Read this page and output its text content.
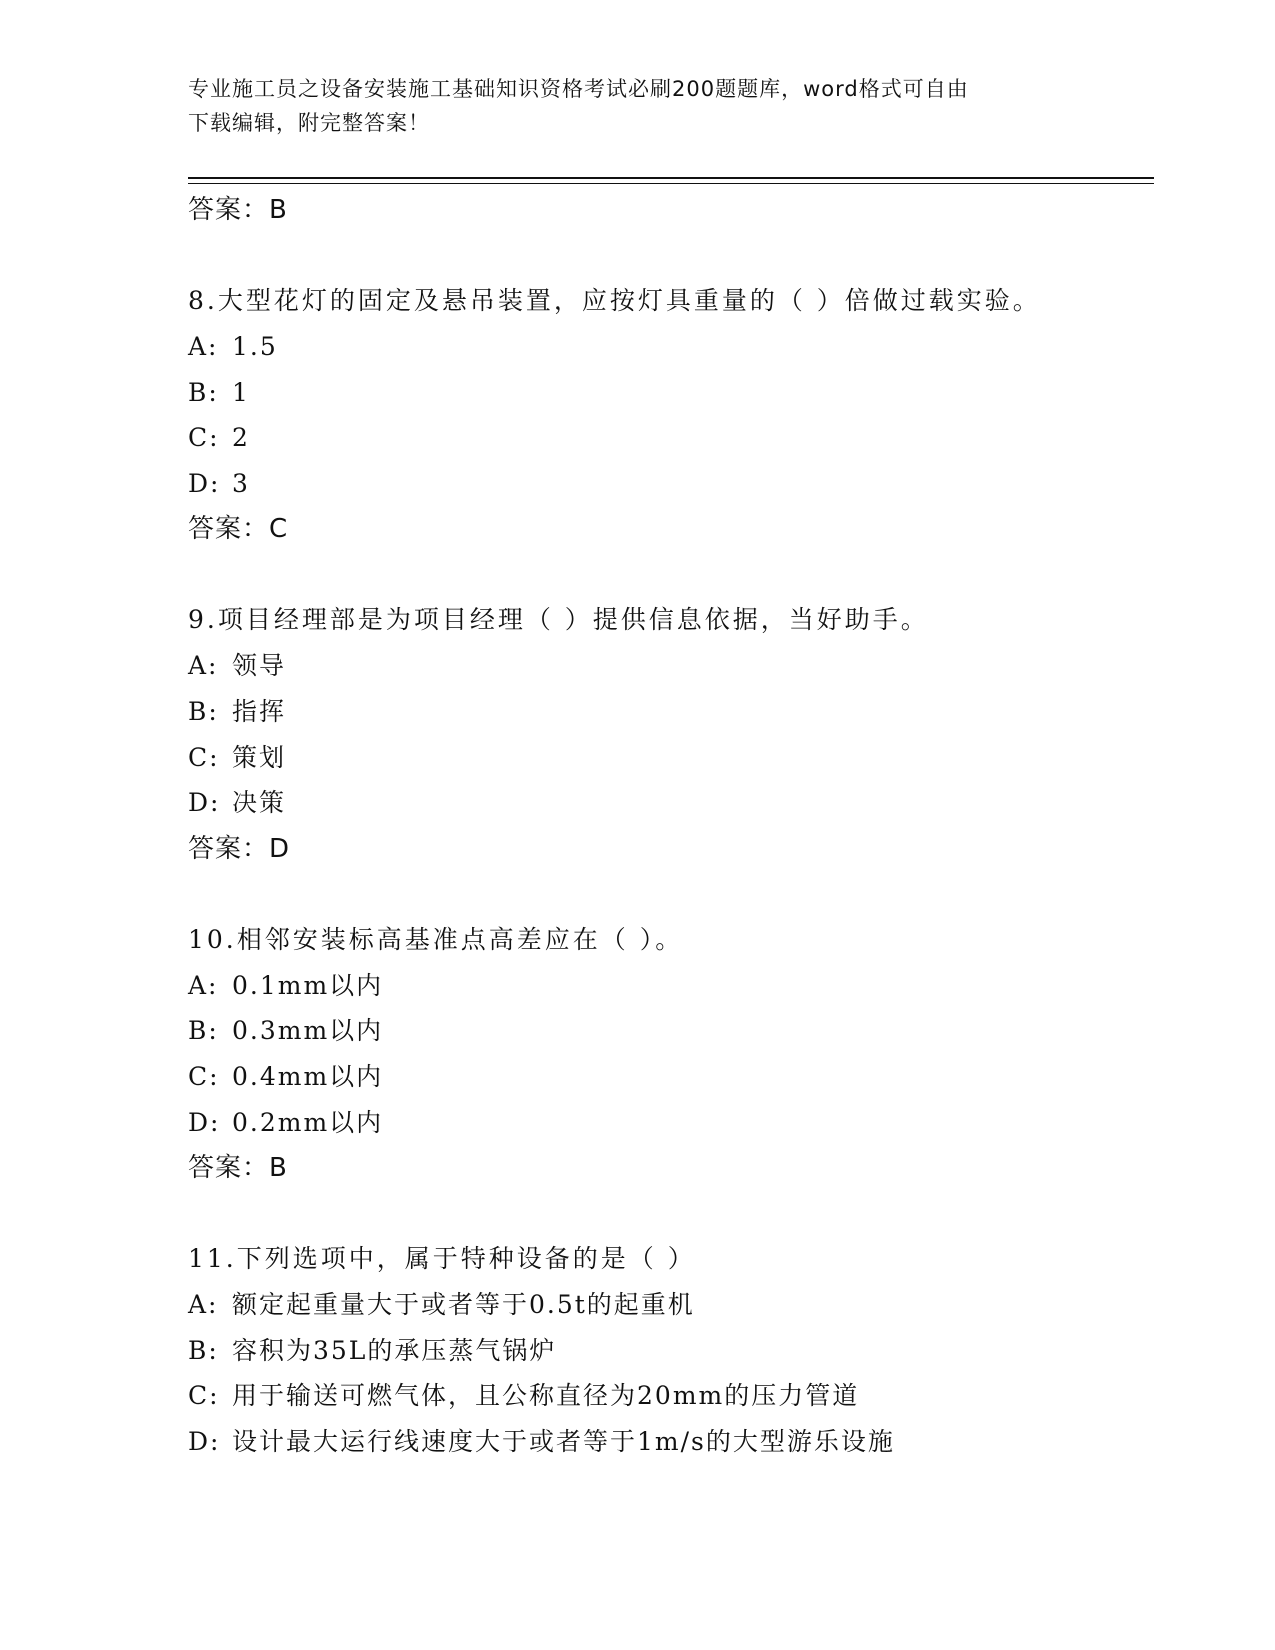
专业施工员之设备安装施工基础知识资格考试必刷200题题库，word格式可自由
下载编辑，附完整答案！
答案：B
8.大型花灯的固定及悬吊装置，应按灯具重量的（ ）倍做过载实验。
A: 1.5
B: 1
C: 2
D: 3
答案：C
9.项目经理部是为项目经理（ ）提供信息依据，当好助手。
A: 领导
B: 指挥
C: 策划
D: 决策
答案：D
10.相邻安装标高基准点高差应在（ ）。
A: 0.1mm以内
B: 0.3mm以内
C: 0.4mm以内
D: 0.2mm以内
答案：B
11.下列选项中，属于特种设备的是（ ）
A: 额定起重量大于或者等于0.5t的起重机
B: 容积为35L的承压蒸气锅炉
C: 用于输送可燃气体，且公称直径为20mm的压力管道
D: 设计最大运行线速度大于或者等于1m/s的大型游乐设施
